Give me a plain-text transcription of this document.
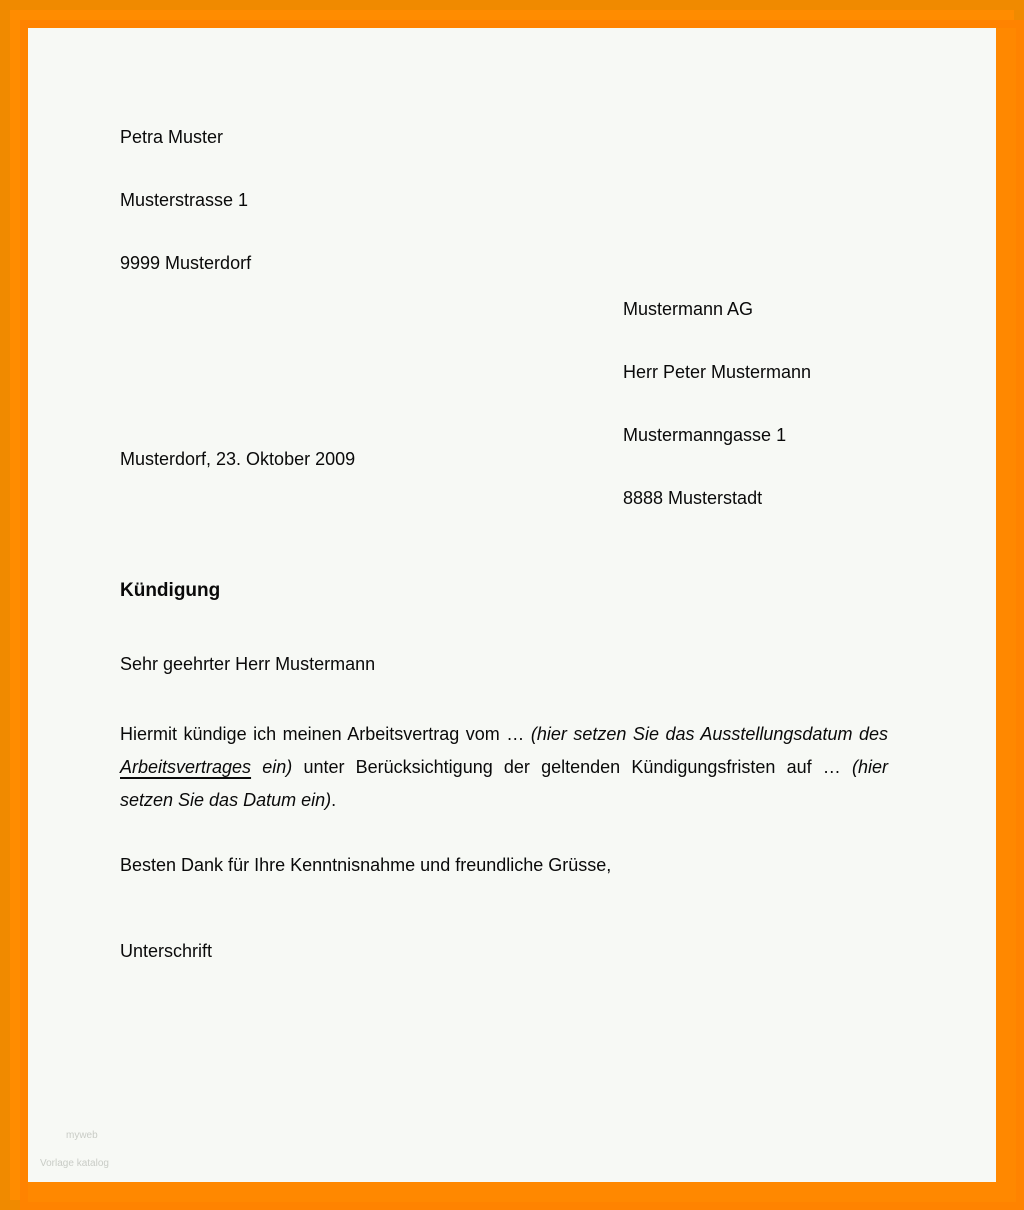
Petra Muster

Musterstrasse 1

9999 Musterdorf

Mustermann AG

Herr Peter Mustermann

Mustermanngasse 1

8888 Musterstadt

Musterdorf, 23. Oktober 2009
Kündigung
Sehr geehrter Herr Mustermann
Hiermit kündige ich meinen Arbeitsvertrag vom … (hier setzen Sie das Ausstellungsdatum des Arbeitsvertrages ein) unter Berücksichtigung der geltenden Kündigungsfristen auf … (hier setzen Sie das Datum ein).
Besten Dank für Ihre Kenntnisnahme und freundliche Grüsse,
Unterschrift
myweb
Vorlage katalog
